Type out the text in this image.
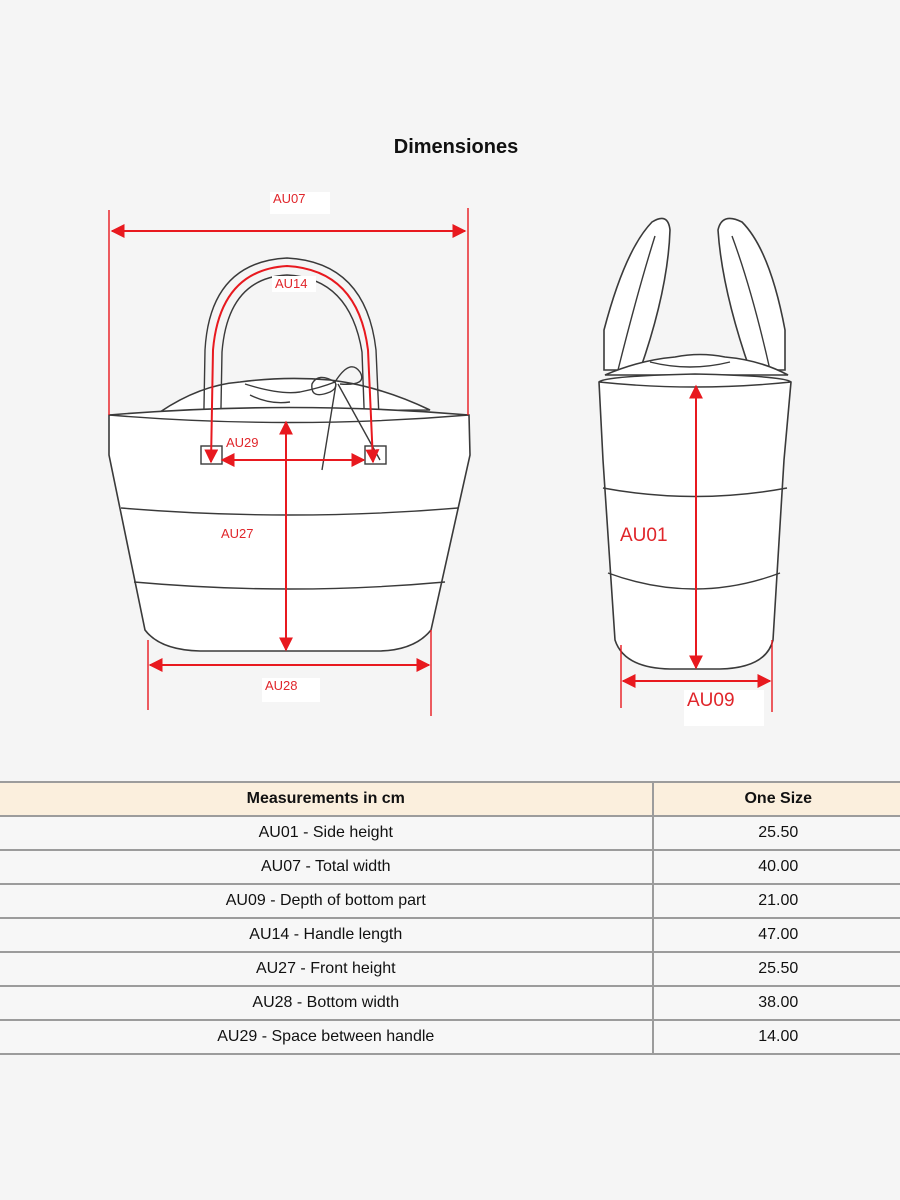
Dimensiones
AU07
AU14
AU29
AU27
AU28
AU01
AU09
Measurements in cm	One Size
AU01 - Side height	25.50
AU07 - Total width	40.00
AU09 - Depth of bottom part	21.00
AU14 - Handle length	47.00
AU27 - Front height	25.50
AU28 - Bottom width	38.00
AU29 - Space between handle	14.00
